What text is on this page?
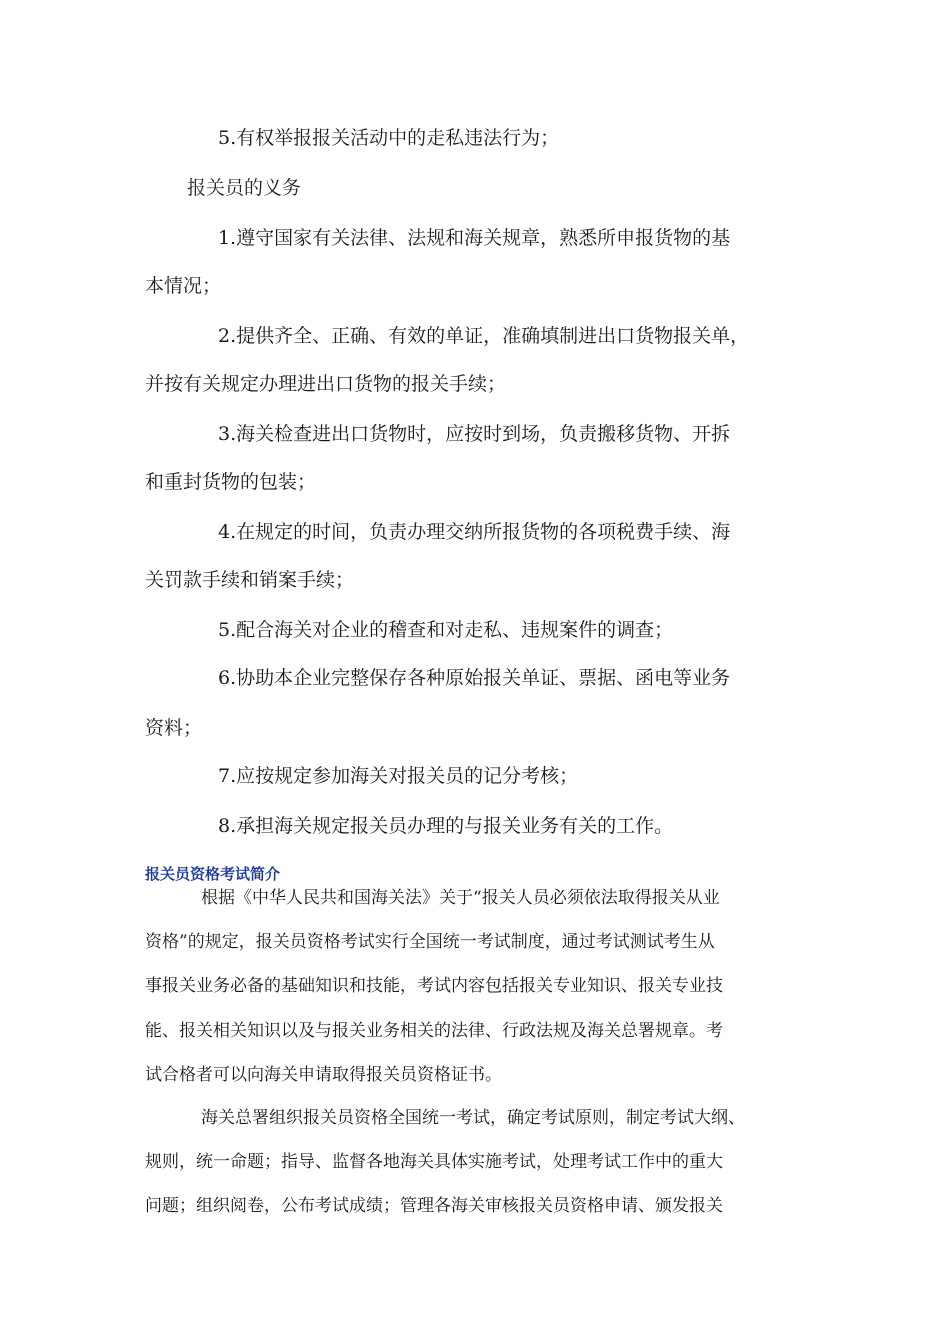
5.有权举报报关活动中的走私违法行为；
报关员的义务
1.遵守国家有关法律、法规和海关规章，熟悉所申报货物的基
本情况；
2.提供齐全、正确、有效的单证，准确填制进出口货物报关单，
并按有关规定办理进出口货物的报关手续；
3.海关检查进出口货物时，应按时到场，负责搬移货物、开拆
和重封货物的包装；
4.在规定的时间，负责办理交纳所报货物的各项税费手续、海
关罚款手续和销案手续；
5.配合海关对企业的稽查和对走私、违规案件的调查；
6.协助本企业完整保存各种原始报关单证、票据、函电等业务
资料；
7.应按规定参加海关对报关员的记分考核；
8.承担海关规定报关员办理的与报关业务有关的工作。
报关员资格考试简介
根据《中华人民共和国海关法》关于“报关人员必须依法取得报关从业
资格”的规定，报关员资格考试实行全国统一考试制度，通过考试测试考生从
事报关业务必备的基础知识和技能，考试内容包括报关专业知识、报关专业技
能、报关相关知识以及与报关业务相关的法律、行政法规及海关总署规章。考
试合格者可以向海关申请取得报关员资格证书。
海关总署组织报关员资格全国统一考试，确定考试原则，制定考试大纲、
规则，统一命题；指导、监督各地海关具体实施考试，处理考试工作中的重大
问题；组织阅卷，公布考试成绩；管理各海关审核报关员资格申请、颁发报关
